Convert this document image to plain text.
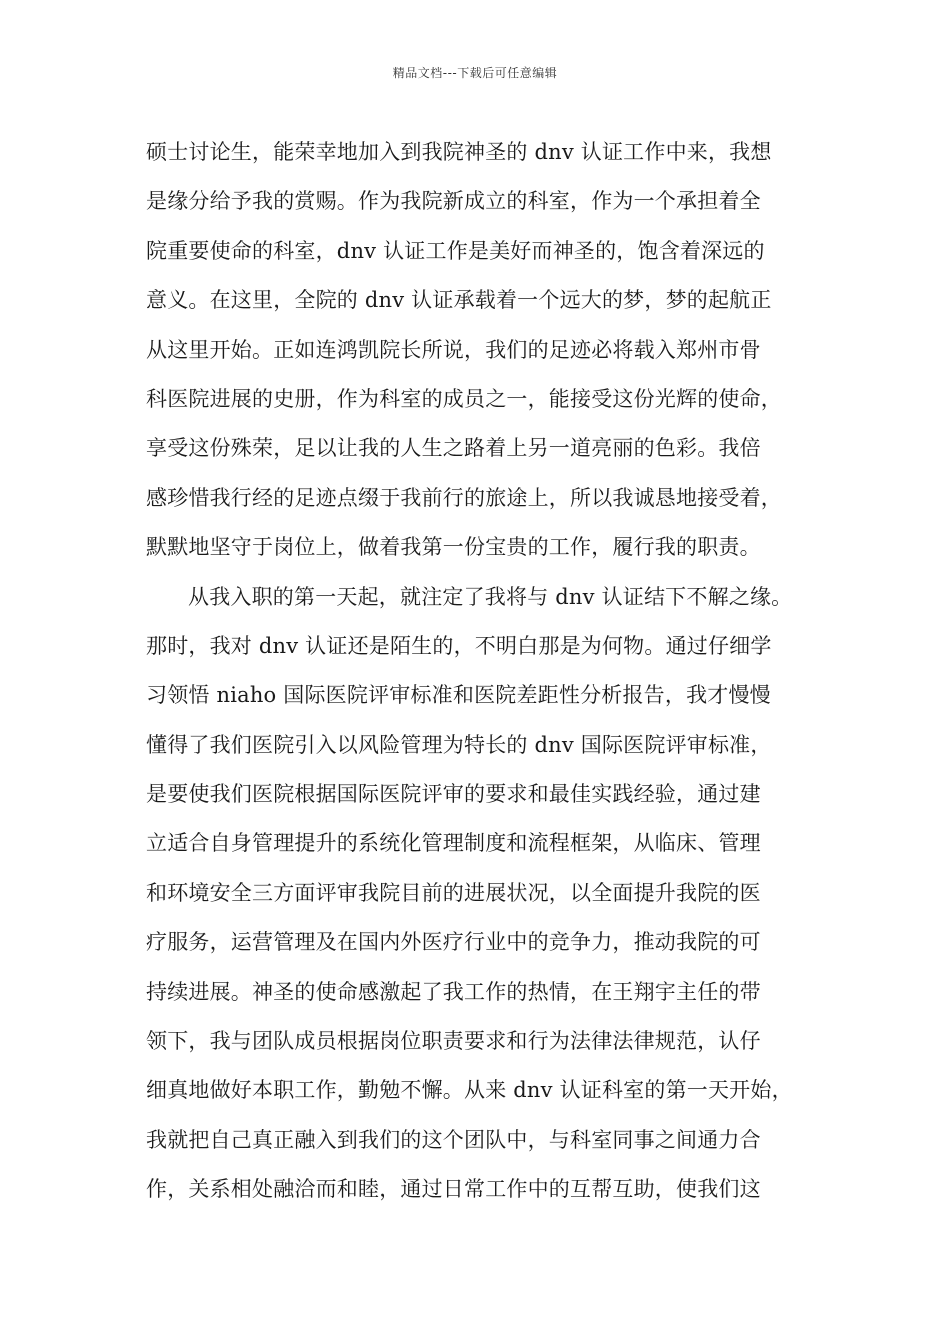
精品文档---下载后可任意编辑
硕士讨论生，能荣幸地加入到我院神圣的 dnv 认证工作中来，我想
是缘分给予我的赏赐。作为我院新成立的科室，作为一个承担着全
院重要使命的科室，dnv 认证工作是美好而神圣的，饱含着深远的
意义。在这里，全院的 dnv 认证承载着一个远大的梦，梦的起航正
从这里开始。正如连鸿凯院长所说，我们的足迹必将载入郑州市骨
科医院进展的史册，作为科室的成员之一，能接受这份光辉的使命，
享受这份殊荣，足以让我的人生之路着上另一道亮丽的色彩。我倍
感珍惜我行经的足迹点缀于我前行的旅途上，所以我诚恳地接受着，
默默地坚守于岗位上，做着我第一份宝贵的工作，履行我的职责。
从我入职的第一天起，就注定了我将与 dnv 认证结下不解之缘。
那时，我对 dnv 认证还是陌生的，不明白那是为何物。通过仔细学
习领悟 niaho 国际医院评审标准和医院差距性分析报告，我才慢慢
懂得了我们医院引入以风险管理为特长的 dnv 国际医院评审标准，
是要使我们医院根据国际医院评审的要求和最佳实践经验，通过建
立适合自身管理提升的系统化管理制度和流程框架，从临床、管理
和环境安全三方面评审我院目前的进展状况，以全面提升我院的医
疗服务，运营管理及在国内外医疗行业中的竞争力，推动我院的可
持续进展。神圣的使命感激起了我工作的热情，在王翔宇主任的带
领下，我与团队成员根据岗位职责要求和行为法律法律规范，认仔
细真地做好本职工作，勤勉不懈。从来 dnv 认证科室的第一天开始，
我就把自己真正融入到我们的这个团队中，与科室同事之间通力合
作，关系相处融洽而和睦，通过日常工作中的互帮互助，使我们这
